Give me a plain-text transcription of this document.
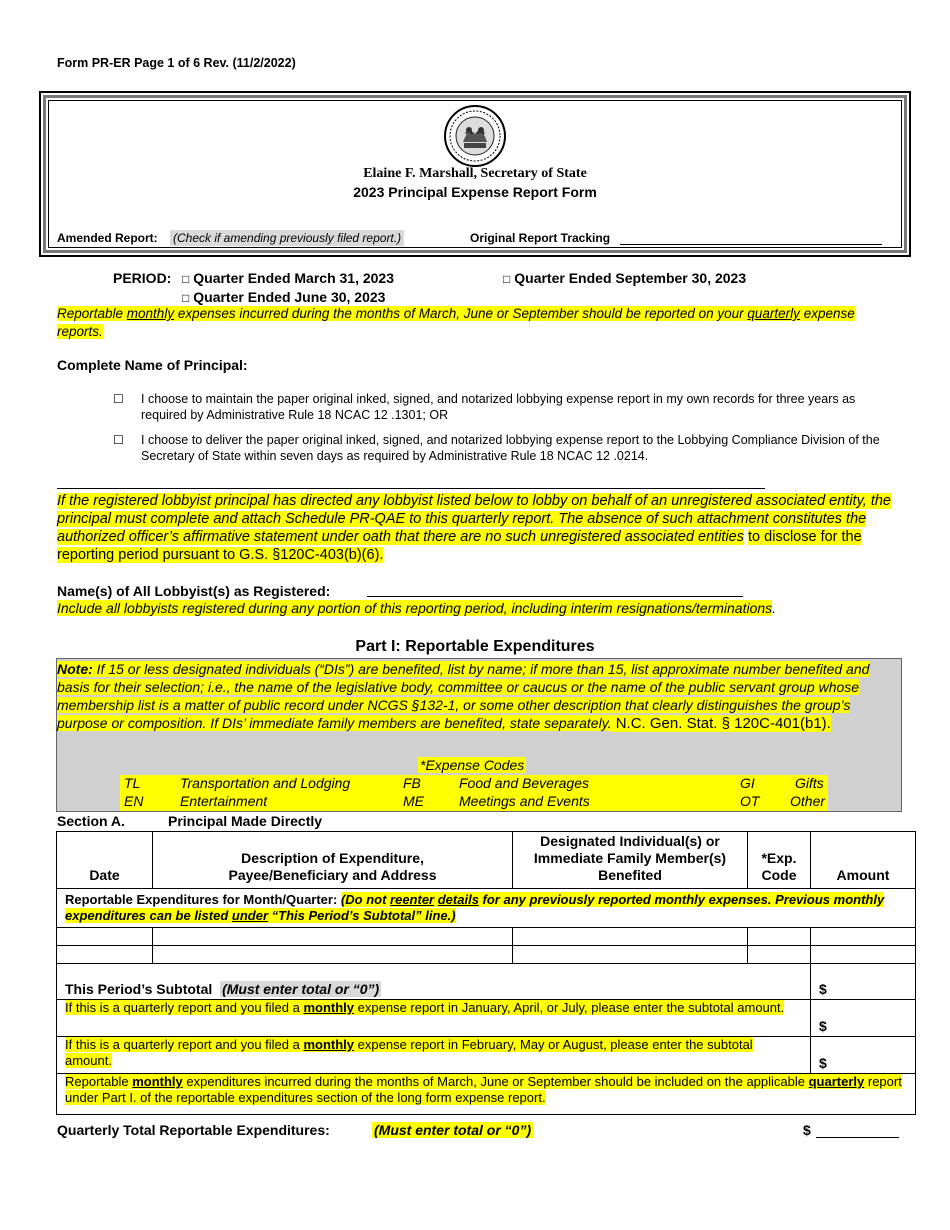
Form PR-ER Page 1 of 6 Rev. (11/2/2022)
Elaine F. Marshall, Secretary of State
2023 Principal Expense Report Form
Amended Report: (Check if amending previously filed report.)	Original Report Tracking
PERIOD: □ Quarter Ended March 31, 2023
□ Quarter Ended June 30, 2023
□ Quarter Ended September 30, 2023
Reportable monthly expenses incurred during the months of March, June or September should be reported on your quarterly expense reports.
Complete Name of Principal:
☐ I choose to maintain the paper original inked, signed, and notarized lobbying expense report in my own records for three years as required by Administrative Rule 18 NCAC 12 .1301; OR
☐ I choose to deliver the paper original inked, signed, and notarized lobbying expense report to the Lobbying Compliance Division of the Secretary of State within seven days as required by Administrative Rule 18 NCAC 12 .0214.
If the registered lobbyist principal has directed any lobbyist listed below to lobby on behalf of an unregistered associated entity, the principal must complete and attach Schedule PR-QAE to this quarterly report. The absence of such attachment constitutes the authorized officer’s affirmative statement under oath that there are no such unregistered associated entities to disclose for the reporting period pursuant to G.S. §120C-403(b)(6).
Name(s) of All Lobbyist(s) as Registered:
Include all lobbyists registered during any portion of this reporting period, including interim resignations/terminations.
Part I: Reportable Expenditures
Note: If 15 or less designated individuals (“DIs”) are benefited, list by name; if more than 15, list approximate number benefited and basis for their selection; i.e., the name of the legislative body, committee or caucus or the name of the public servant group whose membership list is a matter of public record under NCGS §132-1, or some other description that clearly distinguishes the group’s purpose or composition. If DIs’ immediate family members are benefited, state separately. N.C. Gen. Stat. § 120C-401(b1).
*Expense Codes
TL	Transportation and Lodging	FB	Food and Beverages	GI	Gifts
EN	Entertainment	ME	Meetings and Events	OT Other
Section A.	Principal Made Directly
Date	Description of Expenditure, Payee/Beneficiary and Address	Designated Individual(s) or Immediate Family Member(s) Benefited	*Exp. Code	Amount
Reportable Expenditures for Month/Quarter: (Do not reenter details for any previously reported monthly expenses. Previous monthly expenditures can be listed under “This Period’s Subtotal” line.)				

This Period’s Subtotal (Must enter total or “0”)				$
If this is a quarterly report and you filed a monthly expense report in January, April, or July, please enter the subtotal amount.				$
If this is a quarterly report and you filed a monthly expense report in February, May or August, please enter the subtotal amount.				$
Reportable monthly expenditures incurred during the months of March, June or September should be included on the applicable quarterly report under Part I. of the reportable expenditures section of the long form expense report.				
Quarterly Total Reportable Expenditures:	(Must enter total or “0”)	$
